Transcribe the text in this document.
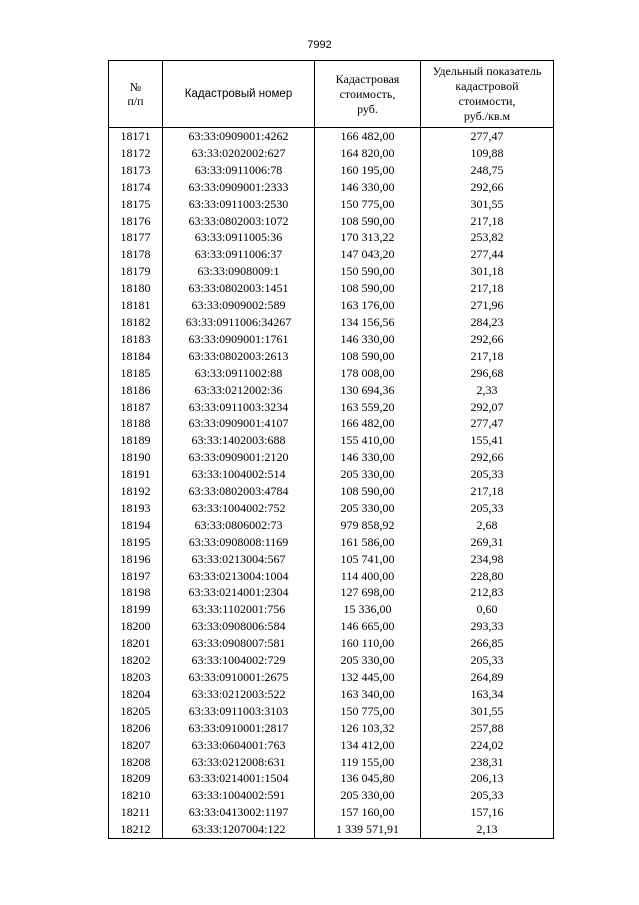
7992
№
п/п	Кадастровый номер	Кадастровая
стоимость,
руб.	Удельный показатель
кадастровой
стоимости,
руб./кв.м
18171	63:33:0909001:4262	166 482,00	277,47
18172	63:33:0202002:627	164 820,00	109,88
18173	63:33:0911006:78	160 195,00	248,75
18174	63:33:0909001:2333	146 330,00	292,66
18175	63:33:0911003:2530	150 775,00	301,55
18176	63:33:0802003:1072	108 590,00	217,18
18177	63:33:0911005:36	170 313,22	253,82
18178	63:33:0911006:37	147 043,20	277,44
18179	63:33:0908009:1	150 590,00	301,18
18180	63:33:0802003:1451	108 590,00	217,18
18181	63:33:0909002:589	163 176,00	271,96
18182	63:33:0911006:34267	134 156,56	284,23
18183	63:33:0909001:1761	146 330,00	292,66
18184	63:33:0802003:2613	108 590,00	217,18
18185	63:33:0911002:88	178 008,00	296,68
18186	63:33:0212002:36	130 694,36	2,33
18187	63:33:0911003:3234	163 559,20	292,07
18188	63:33:0909001:4107	166 482,00	277,47
18189	63:33:1402003:688	155 410,00	155,41
18190	63:33:0909001:2120	146 330,00	292,66
18191	63:33:1004002:514	205 330,00	205,33
18192	63:33:0802003:4784	108 590,00	217,18
18193	63:33:1004002:752	205 330,00	205,33
18194	63:33:0806002:73	979 858,92	2,68
18195	63:33:0908008:1169	161 586,00	269,31
18196	63:33:0213004:567	105 741,00	234,98
18197	63:33:0213004:1004	114 400,00	228,80
18198	63:33:0214001:2304	127 698,00	212,83
18199	63:33:1102001:756	15 336,00	0,60
18200	63:33:0908006:584	146 665,00	293,33
18201	63:33:0908007:581	160 110,00	266,85
18202	63:33:1004002:729	205 330,00	205,33
18203	63:33:0910001:2675	132 445,00	264,89
18204	63:33:0212003:522	163 340,00	163,34
18205	63:33:0911003:3103	150 775,00	301,55
18206	63:33:0910001:2817	126 103,32	257,88
18207	63:33:0604001:763	134 412,00	224,02
18208	63:33:0212008:631	119 155,00	238,31
18209	63:33:0214001:1504	136 045,80	206,13
18210	63:33:1004002:591	205 330,00	205,33
18211	63:33:0413002:1197	157 160,00	157,16
18212	63:33:1207004:122	1 339 571,91	2,13
